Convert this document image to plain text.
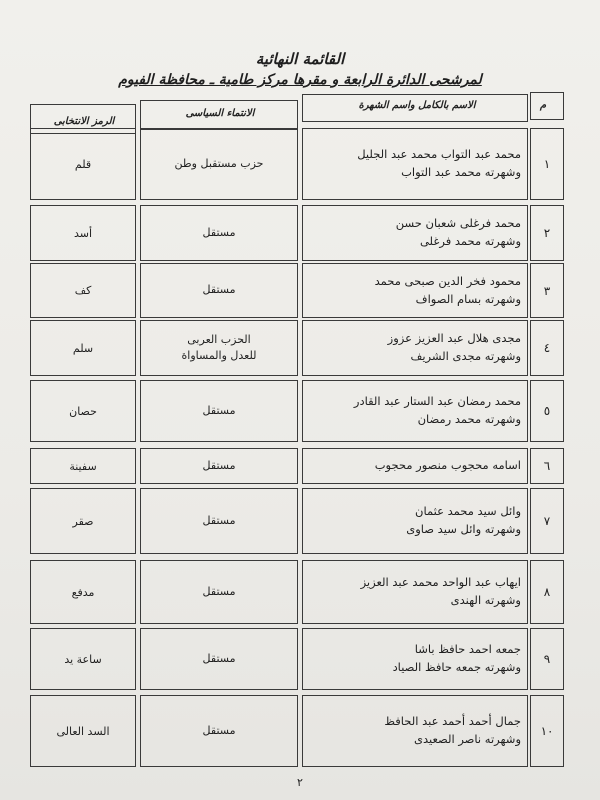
القائمة النهائية
لمرشحى الدائرة الرابعة و مقرها مركز طامية ـ محافظة الفيوم
م
الاسم بالكامل واسم الشهرة
الانتماء السياسى
الرمز الانتخابى
١
محمد عبد التواب محمد عبد الجليل
وشهرته محمد عبد التواب
حزب مستقبل وطن
قلم
٢
محمد فرغلى شعبان حسن
وشهرته محمد فرغلى
مستقل
أسد
٣
محمود فخر الدين صبحى محمد
وشهرته بسام الصواف
مستقل
كف
٤
مجدى هلال عبد العزيز عزوز
وشهرته مجدى الشريف
الحزب العربى
للعدل والمساواة
سلم
٥
محمد رمضان عبد الستار عبد القادر
وشهرته محمد رمضان
مستقل
حصان
٦
اسامه محجوب منصور محجوب
مستقل
سفينة
٧
وائل سيد محمد عثمان
وشهرته وائل سيد صاوى
مستقل
صقر
٨
ايهاب عبد الواحد محمد عبد العزيز
وشهرته الهندى
مستقل
مدفع
٩
جمعه احمد حافظ باشا
وشهرته جمعه حافظ الصياد
مستقل
ساعة يد
١٠
جمال أحمد أحمد عبد الحافظ
وشهرته ناصر الصعيدى
مستقل
السد العالى
٢
